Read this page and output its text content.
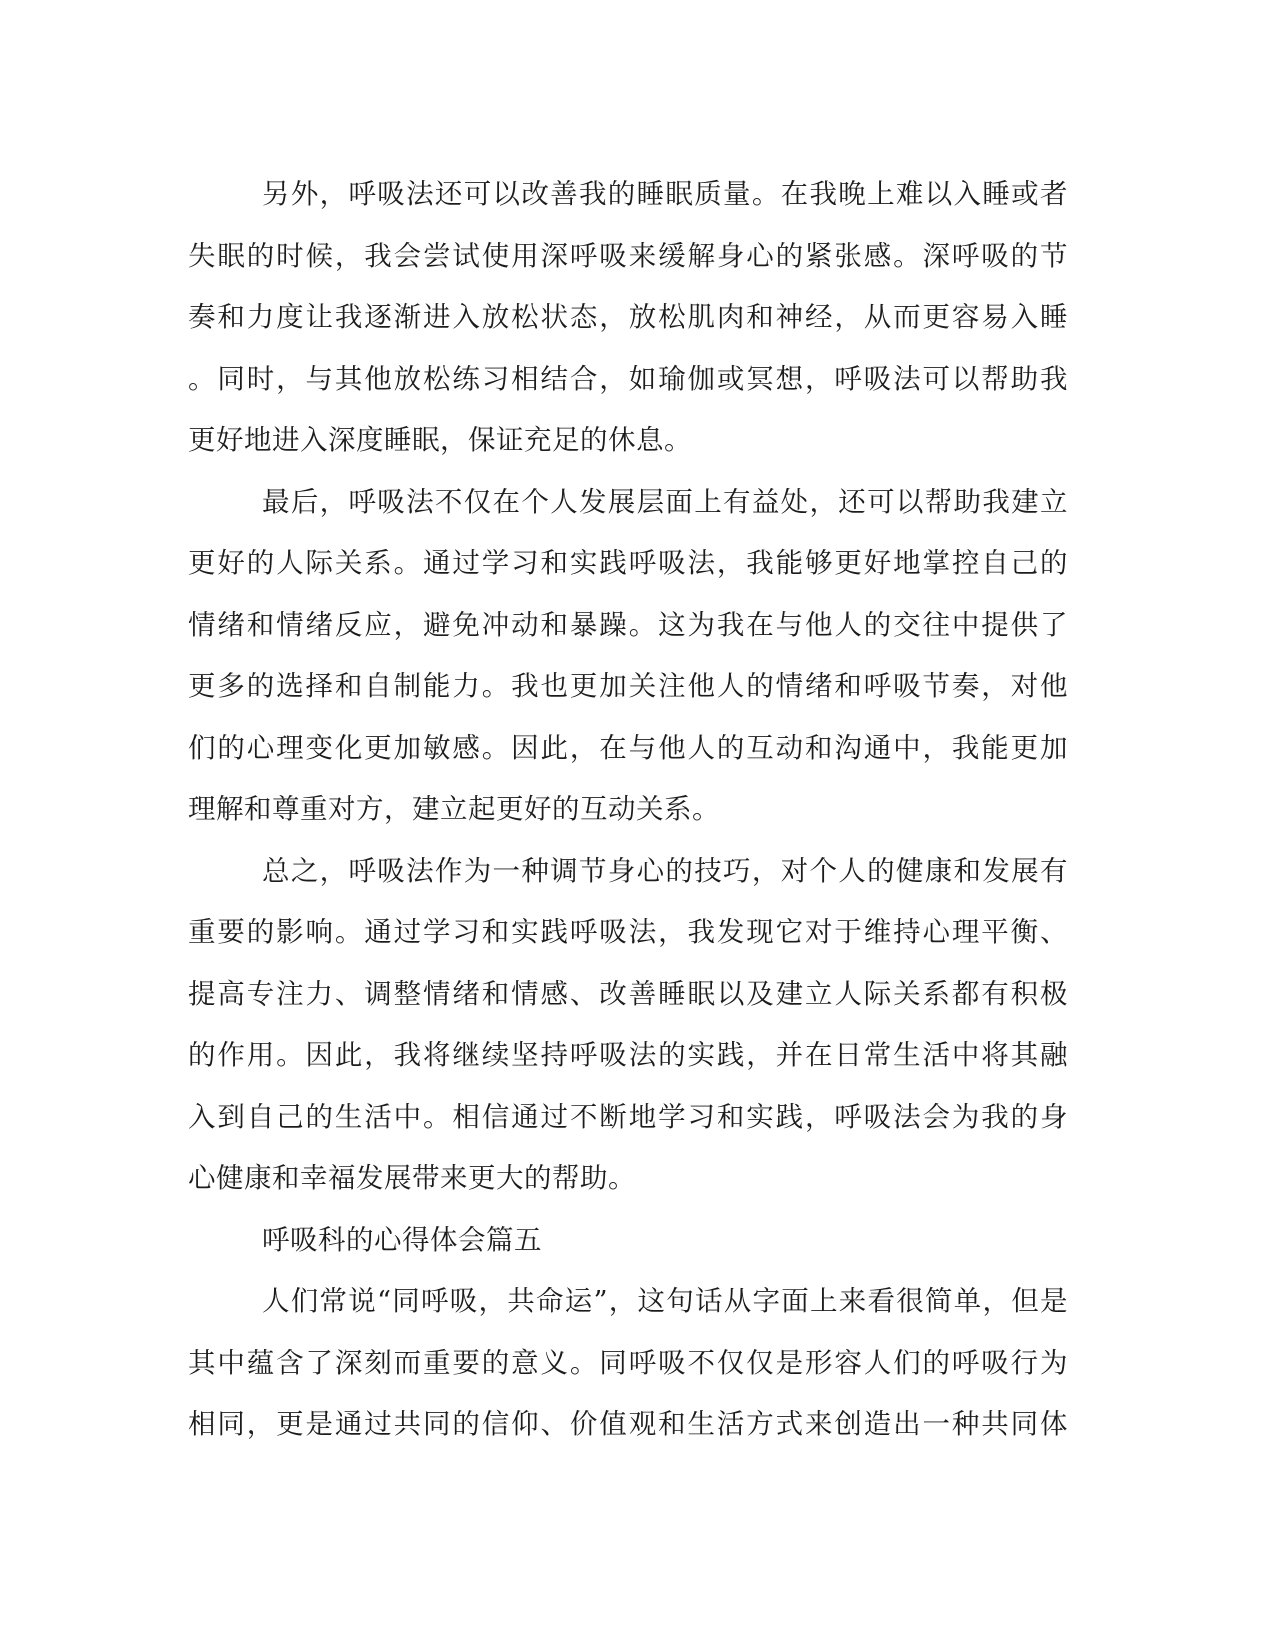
另外，呼吸法还可以改善我的睡眠质量。在我晚上难以入睡或者
失眠的时候，我会尝试使用深呼吸来缓解身心的紧张感。深呼吸的节
奏和力度让我逐渐进入放松状态，放松肌肉和神经，从而更容易入睡
。同时，与其他放松练习相结合，如瑜伽或冥想，呼吸法可以帮助我
更好地进入深度睡眠，保证充足的休息。
最后，呼吸法不仅在个人发展层面上有益处，还可以帮助我建立
更好的人际关系。通过学习和实践呼吸法，我能够更好地掌控自己的
情绪和情绪反应，避免冲动和暴躁。这为我在与他人的交往中提供了
更多的选择和自制能力。我也更加关注他人的情绪和呼吸节奏，对他
们的心理变化更加敏感。因此，在与他人的互动和沟通中，我能更加
理解和尊重对方，建立起更好的互动关系。
总之，呼吸法作为一种调节身心的技巧，对个人的健康和发展有
重要的影响。通过学习和实践呼吸法，我发现它对于维持心理平衡、
提高专注力、调整情绪和情感、改善睡眠以及建立人际关系都有积极
的作用。因此，我将继续坚持呼吸法的实践，并在日常生活中将其融
入到自己的生活中。相信通过不断地学习和实践，呼吸法会为我的身
心健康和幸福发展带来更大的帮助。
呼吸科的心得体会篇五
人们常说“同呼吸，共命运”，这句话从字面上来看很简单，但是
其中蕴含了深刻而重要的意义。同呼吸不仅仅是形容人们的呼吸行为
相同，更是通过共同的信仰、价值观和生活方式来创造出一种共同体
